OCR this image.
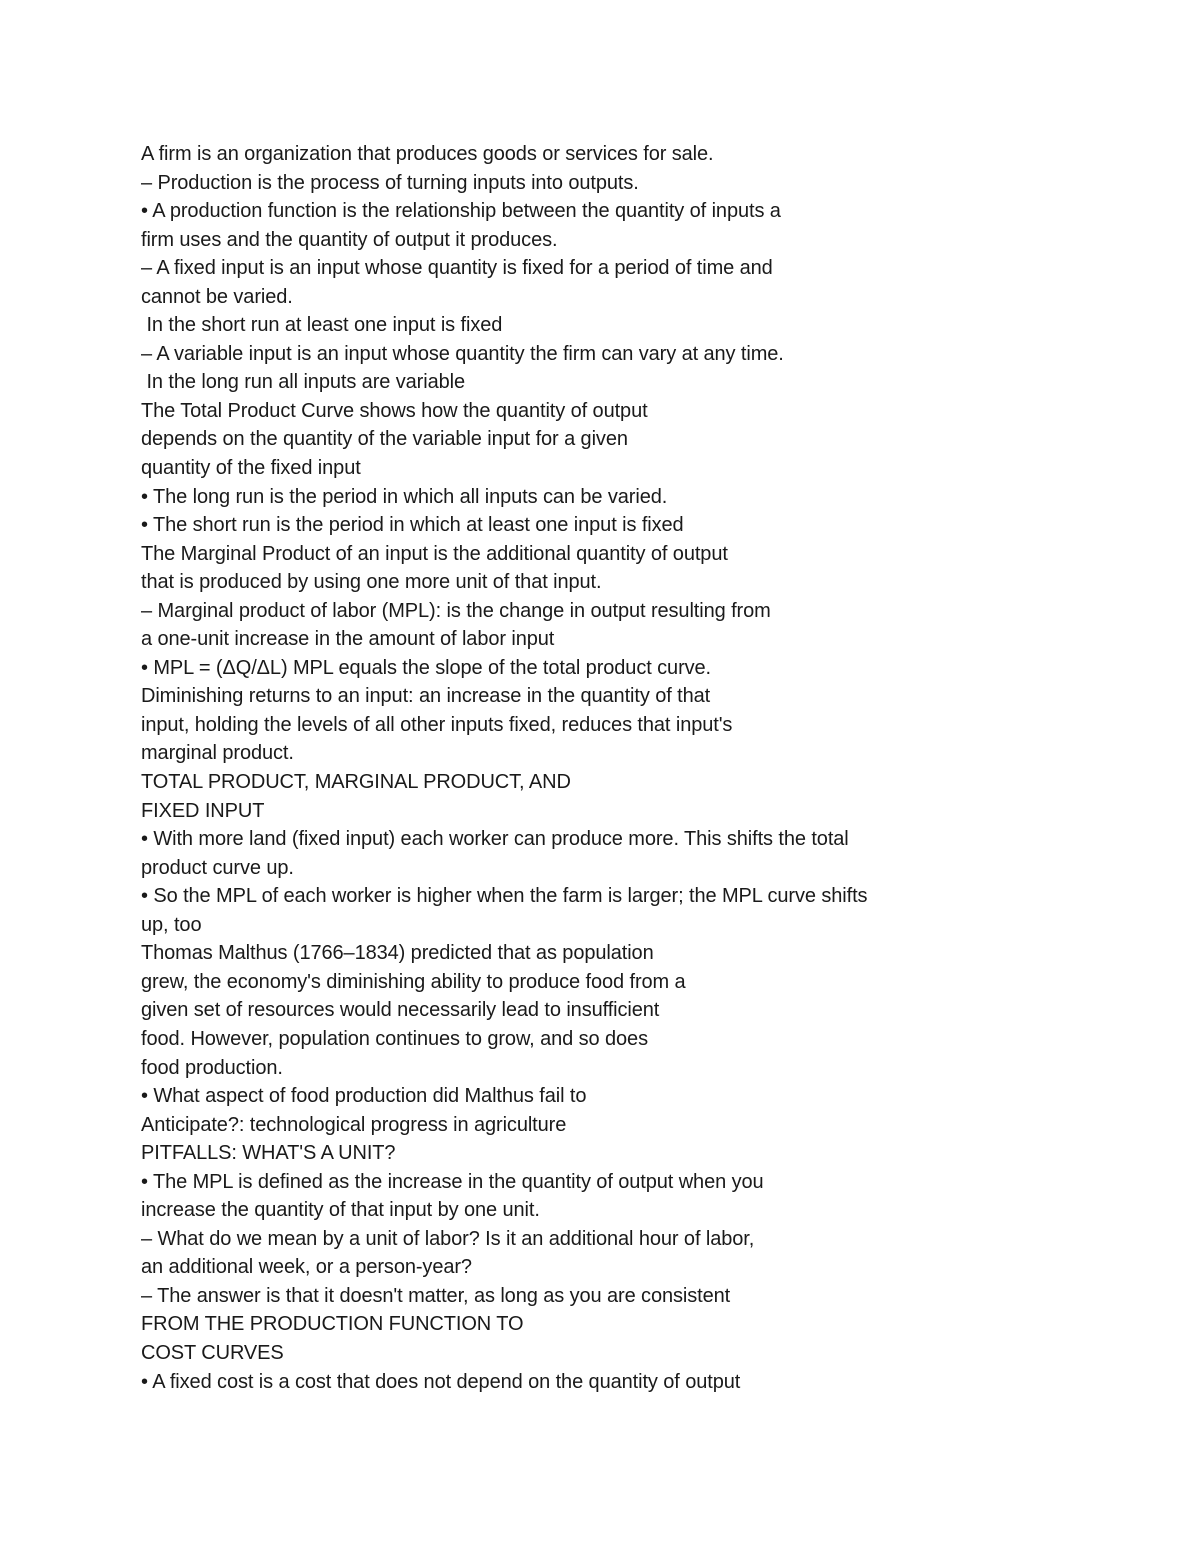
A firm is an organization that produces goods or services for sale.
– Production is the process of turning inputs into outputs.
• A production function is the relationship between the quantity of inputs a
firm uses and the quantity of output it produces.
– A fixed input is an input whose quantity is fixed for a period of time and
cannot be varied.
In the short run at least one input is fixed
– A variable input is an input whose quantity the firm can vary at any time.
In the long run all inputs are variable
The Total Product Curve shows how the quantity of output
depends on the quantity of the variable input for a given
quantity of the fixed input
• The long run is the period in which all inputs can be varied.
• The short run is the period in which at least one input is fixed
The Marginal Product of an input is the additional quantity of output
that is produced by using one more unit of that input.
– Marginal product of labor (MPL): is the change in output resulting from
a one-unit increase in the amount of labor input
• MPL = (ΔQ/ΔL) MPL equals the slope of the total product curve.
Diminishing returns to an input: an increase in the quantity of that
input, holding the levels of all other inputs fixed, reduces that input's
marginal product.
TOTAL PRODUCT, MARGINAL PRODUCT, AND
FIXED INPUT
• With more land (fixed input) each worker can produce more. This shifts the total
product curve up.
• So the MPL of each worker is higher when the farm is larger; the MPL curve shifts
up, too
Thomas Malthus (1766–1834) predicted that as population
grew, the economy's diminishing ability to produce food from a
given set of resources would necessarily lead to insufficient
food. However, population continues to grow, and so does
food production.
• What aspect of food production did Malthus fail to
Anticipate?: technological progress in agriculture
PITFALLS: WHAT'S A UNIT?
• The MPL is defined as the increase in the quantity of output when you
increase the quantity of that input by one unit.
– What do we mean by a unit of labor? Is it an additional hour of labor,
an additional week, or a person-year?
– The answer is that it doesn't matter, as long as you are consistent
FROM THE PRODUCTION FUNCTION TO
COST CURVES
• A fixed cost is a cost that does not depend on the quantity of output
